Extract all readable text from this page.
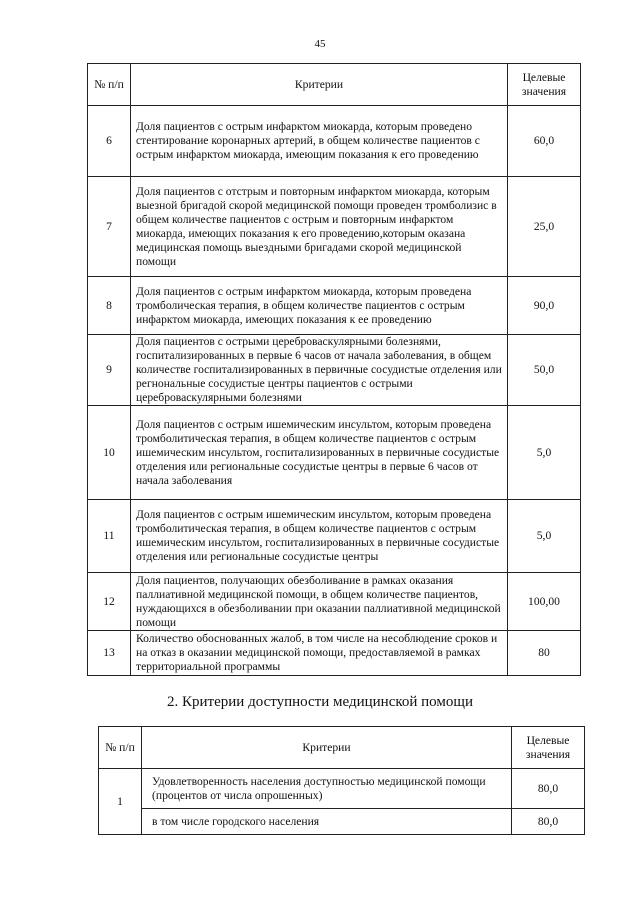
45
№ п/п	Критерии	Целевые значения
6	Доля пациентов с острым инфарктом миокарда, которым проведено стентирование коронарных артерий, в общем количестве пациентов с острым инфарктом миокарда, имеющим показания к его проведению	60,0
7	Доля пациентов с отстрым и повторным инфарктом миокарда, которым выезной бригадой скорой медицинской помощи проведен тромболизис в общем количестве пациентов с острым и повторным инфарктом миокарда, имеющих показания к его проведению,которым оказана медицинская помощь выездными бригадами скорой медицинской помощи	25,0
8	Доля пациентов с острым инфарктом миокарда, которым проведена тромболическая терапия, в общем количестве пациентов с острым инфарктом миокарда, имеющих показания к ее проведению	90,0
9	Доля пациентов с острыми цереброваскулярными болезнями, госпитализированных в первые 6 часов от начала заболевания, в общем количестве госпитализированных в первичные сосудистые отделения или регнональные сосудистые центры пациентов с острыми цереброваскулярными болезнями	50,0
10	Доля пациентов с острым ишемическим инсультом, которым проведена тромболитическая терапия, в общем количестве пациентов с острым ишемическим инсультом, госпитализированных в первичные сосудистые отделения или региональные сосудистые центры в первые 6 часов от начала заболевания	5,0
11	Доля пациентов с острым ишемическим инсультом, которым проведена тромболитическая терапия, в общем количестве пациентов с острым ишемическим инсультом, госпитализированных в первичные сосудистые отделения или региональные сосудистые центры	5,0
12	Доля пациентов, получающих обезболивание в рамках оказания паллиативной медицинской помощи, в общем количестве пациентов, нуждающихся в обезболивании при оказании паллиативной медицинской помощи	100,00
13	Количество обоснованных жалоб, в том числе на несоблюдение сроков и на отказ в оказании медицинской помощи, предоставляемой в рамках территориальной программы	80
2. Критерии доступности медицинской помощи
№ п/п	Критерии	Целевые значения
1	Удовлетворенность населения доступностью медицинской помощи (процентов от числа опрошенных)	80,0
	в том числе городского населения	80,0
